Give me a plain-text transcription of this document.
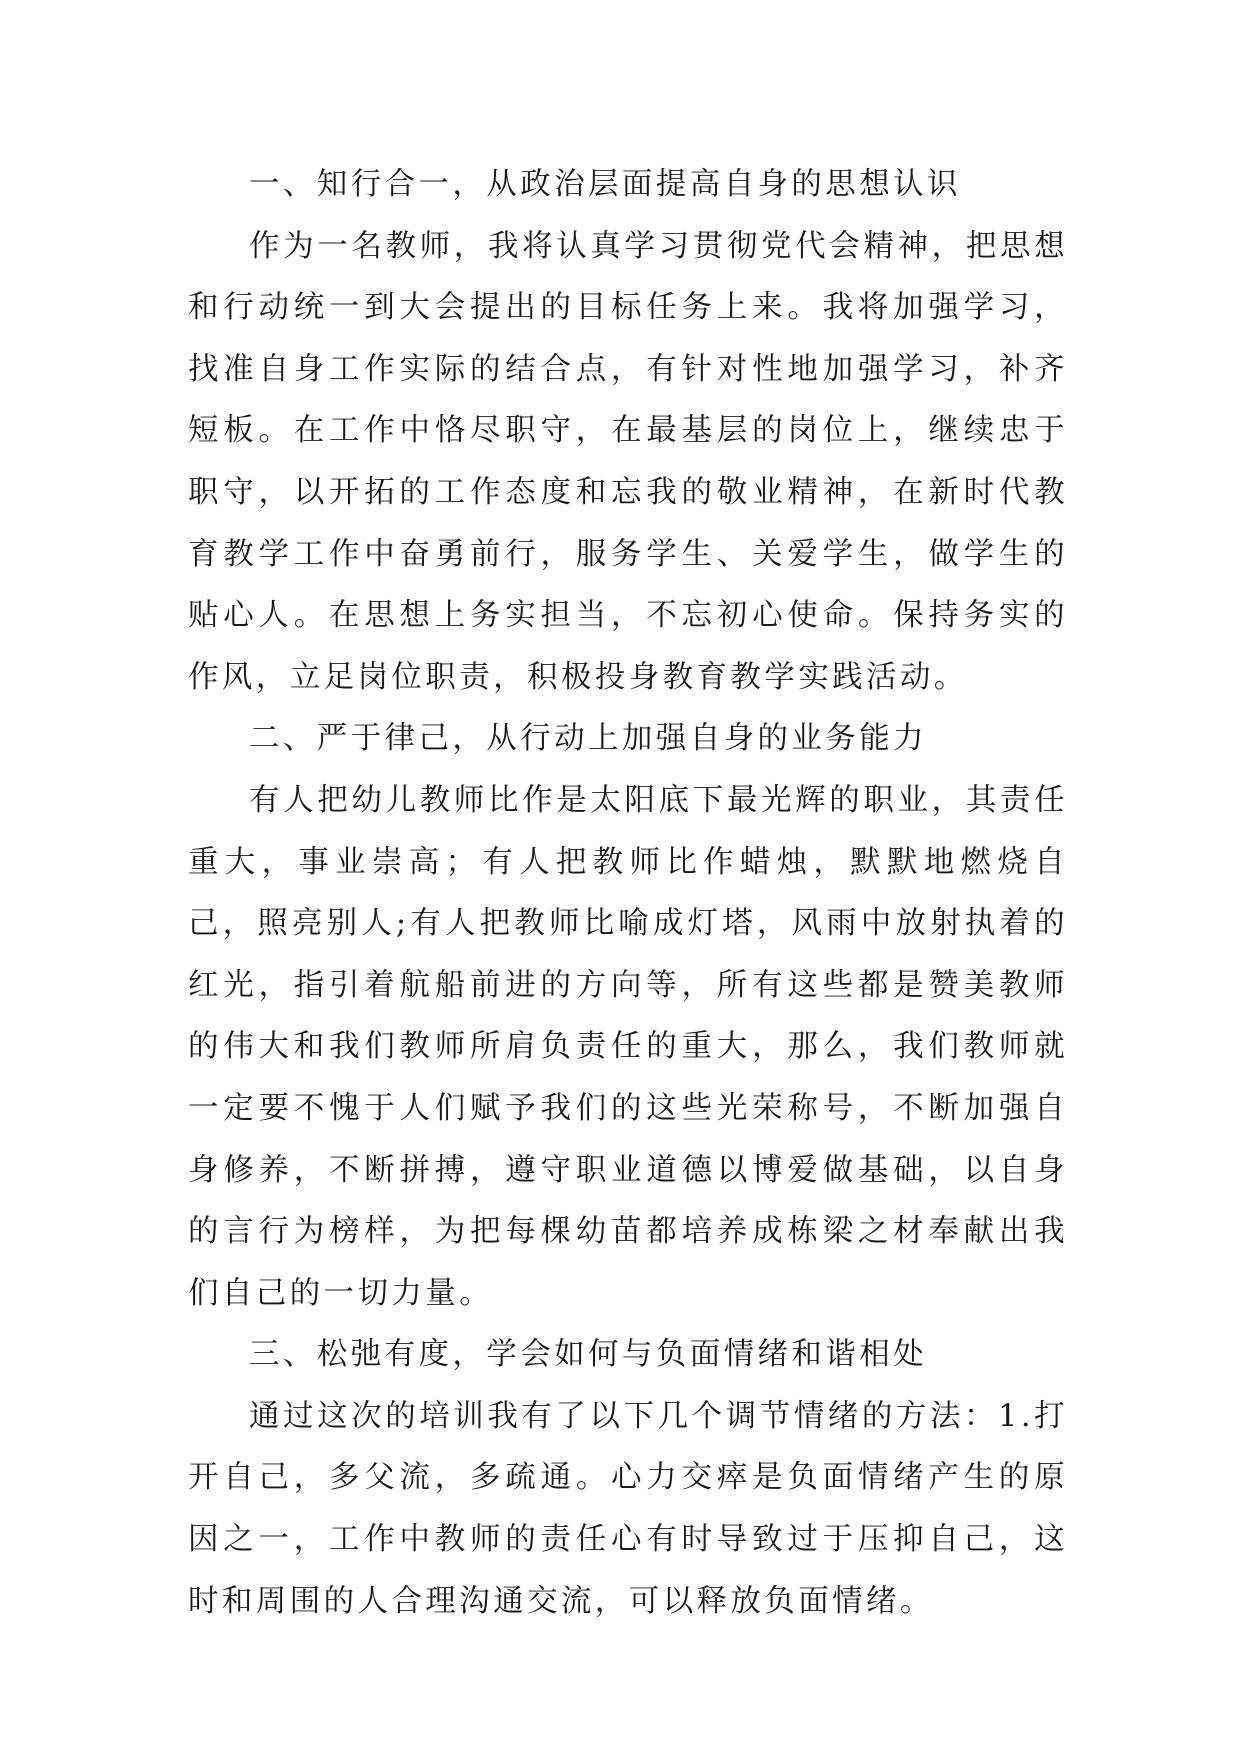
一、知行合一，从政治层面提高自身的思想认识

作为一名教师，我将认真学习贯彻党代会精神，把思想和行动统一到大会提出的目标任务上来。我将加强学习，找准自身工作实际的结合点，有针对性地加强学习，补齐短板。在工作中恪尽职守，在最基层的岗位上，继续忠于职守，以开拓的工作态度和忘我的敬业精神，在新时代教育教学工作中奋勇前行，服务学生、关爱学生，做学生的贴心人。在思想上务实担当，不忘初心使命。保持务实的作风，立足岗位职责，积极投身教育教学实践活动。

二、严于律己，从行动上加强自身的业务能力

有人把幼儿教师比作是太阳底下最光辉的职业，其责任重大，事业崇高；有人把教师比作蜡烛，默默地燃烧自己，照亮别人;有人把教师比喻成灯塔，风雨中放射执着的红光，指引着航船前进的方向等，所有这些都是赞美教师的伟大和我们教师所肩负责任的重大，那么，我们教师就一定要不愧于人们赋予我们的这些光荣称号，不断加强自身修养，不断拼搏，遵守职业道德以博爱做基础，以自身的言行为榜样，为把每棵幼苗都培养成栋梁之材奉献出我们自己的一切力量。

三、松弛有度，学会如何与负面情绪和谐相处

通过这次的培训我有了以下几个调节情绪的方法：1.打开自己，多父流，多疏通。心力交瘁是负面情绪产生的原因之一，工作中教师的责任心有时导致过于压抑自己，这时和周围的人合理沟通交流，可以释放负面情绪。
